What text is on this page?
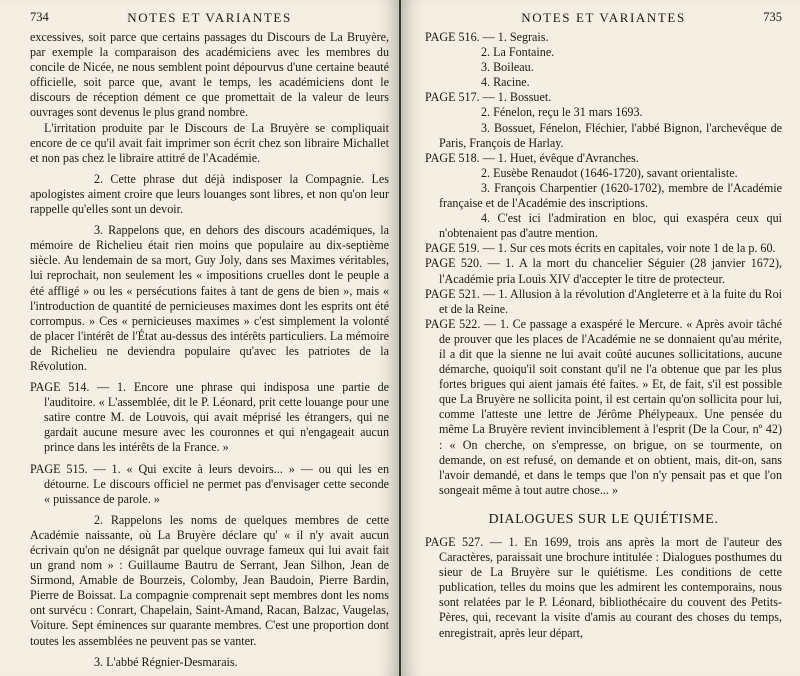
734	NOTES ET VARIANTES

excessives, soit parce que certains passages du Discours de La Bruyère, par exemple la comparaison des académiciens avec les membres du concile de Nicée, ne nous semblent point dépourvus d'une certaine beauté officielle, soit parce que, avant le temps, les académiciens dont le discours de réception dément ce que promettait de la valeur de leurs ouvrages sont devenus le plus grand nombre.

L'irritation produite par le Discours de La Bruyère se compliquait encore de ce qu'il avait fait imprimer son écrit chez son libraire Michallet et non pas chez le libraire attitré de l'Académie.

2. Cette phrase dut déjà indisposer la Compagnie. Les apologistes aiment croire que leurs louanges sont libres, et non qu'on leur rappelle qu'elles sont un devoir.

3. Rappelons que, en dehors des discours académiques, la mémoire de Richelieu était rien moins que populaire au dix-septième siècle. Au lendemain de sa mort, Guy Joly, dans ses Maximes véritables, lui reprochait, non seulement les « impositions cruelles dont le peuple a été affligé » ou les « persécutions faites à tant de gens de bien », mais « l'introduction de quantité de pernicieuses maximes dont les esprits ont été corrompus. » Ces « pernicieuses maximes » c'est simplement la volonté de placer l'intérêt de l'État au-dessus des intérêts particuliers. La mémoire de Richelieu ne deviendra populaire qu'avec les patriotes de la Révolution.

PAGE 514. — 1. Encore une phrase qui indisposa une partie de l'auditoire. « L'assemblée, dit le P. Léonard, prit cette louange pour une satire contre M. de Louvois, qui avait méprisé les étrangers, qui ne gardait aucune mesure avec les couronnes et qui n'engageait aucun prince dans les intérêts de la France. »

PAGE 515. — 1. « Qui excite à leurs devoirs... » — ou qui les en détourne. Le discours officiel ne permet pas d'envisager cette seconde « puissance de parole. »

2. Rappelons les noms de quelques membres de cette Académie naissante, où La Bruyère déclare qu' « il n'y avait aucun écrivain qu'on ne désignât par quelque ouvrage fameux qui lui avait fait un grand nom » : Guillaume Bautru de Serrant, Jean Silhon, Jean de Sirmond, Amable de Bourzeis, Colomby, Jean Baudoin, Pierre Bardin, Pierre de Boissat. La compagnie comprenait sept membres dont les noms ont survécu : Conrart, Chapelain, Saint-Amand, Racan, Balzac, Vaugelas, Voiture. Sept éminences sur quarante membres. C'est une proportion dont toutes les assemblées ne peuvent pas se vanter.

3. L'abbé Régnier-Desmarais.

NOTES ET VARIANTES	735

PAGE 516. — 1. Segrais.

2. La Fontaine.

3. Boileau.

4. Racine.

PAGE 517. — 1. Bossuet.

2. Fénelon, reçu le 31 mars 1693.

3. Bossuet, Fénelon, Fléchier, l'abbé Bignon, l'archevêque de Paris, François de Harlay.

PAGE 518. — 1. Huet, évêque d'Avranches.

2. Eusèbe Renaudot (1646-1720), savant orientaliste.

3. François Charpentier (1620-1702), membre de l'Académie française et de l'Académie des inscriptions.

4. C'est ici l'admiration en bloc, qui exaspéra ceux qui n'obtenaient pas d'autre mention.

PAGE 519. — 1. Sur ces mots écrits en capitales, voir note 1 de la p. 60.

PAGE 520. — 1. A la mort du chancelier Séguier (28 janvier 1672), l'Académie pria Louis XIV d'accepter le titre de protecteur.

PAGE 521. — 1. Allusion à la révolution d'Angleterre et à la fuite du Roi et de la Reine.

PAGE 522. — 1. Ce passage a exaspéré le Mercure. « Après avoir tâché de prouver que les places de l'Académie ne se donnaient qu'au mérite, il a dit que la sienne ne lui avait coûté aucunes sollicitations, aucune démarche, quoiqu'il soit constant qu'il ne l'a obtenue que par les plus fortes brigues qui aient jamais été faites. » Et, de fait, s'il est possible que La Bruyère ne sollicita point, il est certain qu'on sollicita pour lui, comme l'atteste une lettre de Jérôme Phélypeaux. Une pensée du même La Bruyère revient invinciblement à l'esprit (De la Cour, nº 42) : « On cherche, on s'empresse, on brigue, on se tourmente, on demande, on est refusé, on demande et on obtient, mais, dit-on, sans l'avoir demandé, et dans le temps que l'on n'y pensait pas et que l'on songeait même à tout autre chose... »

DIALOGUES SUR LE QUIÉTISME.

PAGE 527. — 1. En 1699, trois ans après la mort de l'auteur des Caractères, paraissait une brochure intitulée : Dialogues posthumes du sieur de La Bruyère sur le quiétisme. Les conditions de cette publication, telles du moins que les admirent les contemporains, nous sont relatées par le P. Léonard, bibliothécaire du couvent des Petits-Pères, qui, recevant la visite d'amis au courant des choses du temps, enregistrait, après leur départ,
